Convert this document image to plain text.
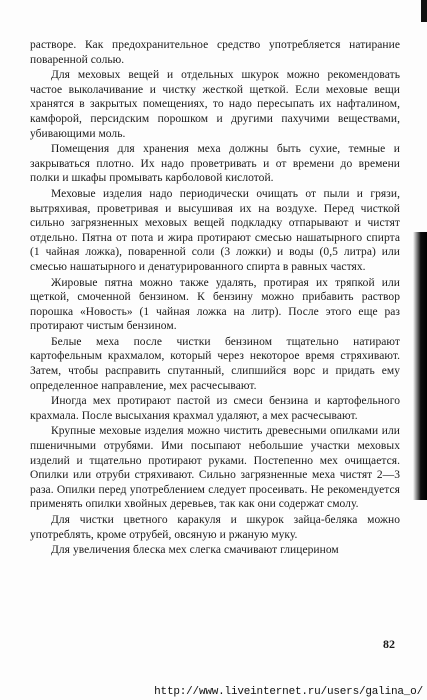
растворе. Как предохранительное средство употребляется натирание поваренной солью.

Для меховых вещей и отдельных шкурок можно рекомендовать частое выколачивание и чистку жесткой щеткой. Если меховые вещи хранятся в закрытых помещениях, то надо пересыпать их нафталином, камфорой, персидским порошком и другими пахучими веществами, убивающими моль.

Помещения для хранения меха должны быть сухие, темные и закрываться плотно. Их надо проветривать и от времени до времени полки и шкафы промывать карболовой кислотой.

Меховые изделия надо периодически очищать от пыли и грязи, вытряхивая, проветривая и высушивая их на воздухе. Перед чисткой сильно загрязненных меховых вещей подкладку отпарывают и чистят отдельно. Пятна от пота и жира протирают смесью нашатырного спирта (1 чайная ложка), поваренной соли (3 ложки) и воды (0,5 литра) или смесью нашатырного и денатурированного спирта в равных частях.

Жировые пятна можно также удалять, протирая их тряпкой или щеткой, смоченной бензином. К бензину можно прибавить раствор порошка «Новость» (1 чайная ложка на литр). После этого еще раз протирают чистым бензином.

Белые меха после чистки бензином тщательно натирают картофельным крахмалом, который через некоторое время стряхивают. Затем, чтобы расправить спутанный, слипшийся ворс и придать ему определенное направление, мех расчесывают.

Иногда мех протирают пастой из смеси бензина и картофельного крахмала. После высыхания крахмал удаляют, а мех расчесывают.

Крупные меховые изделия можно чистить древесными опилками или пшеничными отрубями. Ими посыпают небольшие участки меховых изделий и тщательно протирают руками. Постепенно мех очищается. Опилки или отруби стряхивают. Сильно загрязненные меха чистят 2—3 раза. Опилки перед употреблением следует просеивать. Не рекомендуется применять опилки хвойных деревьев, так как они содержат смолу.

Для чистки цветного каракуля и шкурок зайца-беляка можно употреблять, кроме отрубей, овсяную и ржаную муку.

Для увеличения блеска мех слегка смачивают глицерином

82
http://www.liveinternet.ru/users/galina_o/
